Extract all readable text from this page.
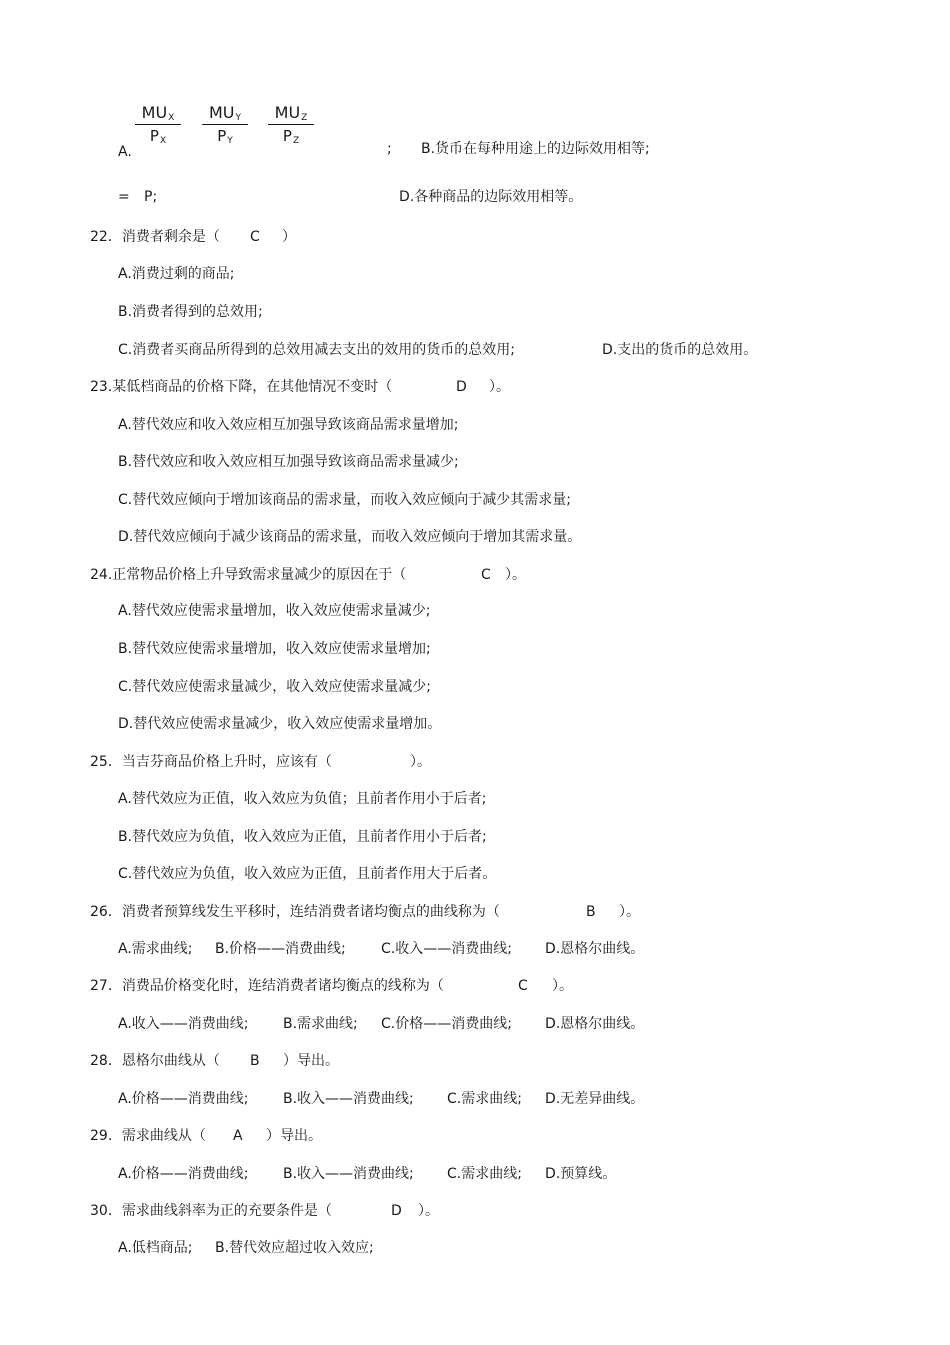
$MU_X$
$P_X$
$MU_Y$
$P_Y$
$MU_Z$
$P_Z$
A.	; B.货币在每种用途上的边际效用相等;
= P;	D.各种商品的边际效用相等。
22．消费者剩余是（ C ）
A.消费过剩的商品;
B.消费者得到的总效用;
C.消费者买商品所得到的总效用减去支出的效用的货币的总效用;	D.支出的货币的总效用。
23.某低档商品的价格下降，在其他情况不变时（	D ）。
A.替代效应和收入效应相互加强导致该商品需求量增加;
B.替代效应和收入效应相互加强导致该商品需求量减少;
C.替代效应倾向于增加该商品的需求量，而收入效应倾向于减少其需求量;
D.替代效应倾向于减少该商品的需求量，而收入效应倾向于增加其需求量。
24.正常物品价格上升导致需求量减少的原因在于（	C ）。
A.替代效应使需求量增加，收入效应使需求量减少;
B.替代效应使需求量增加，收入效应使需求量增加;
C.替代效应使需求量减少，收入效应使需求量减少;
D.替代效应使需求量减少，收入效应使需求量增加。
25．当吉芬商品价格上升时，应该有（	）。
A.替代效应为正值，收入效应为负值；且前者作用小于后者;
B.替代效应为负值，收入效应为正值，且前者作用小于后者;
C.替代效应为负值，收入效应为正值，且前者作用大于后者。
26．消费者预算线发生平移时，连结消费者诸均衡点的曲线称为（	B ）。
A.需求曲线; B.价格——消费曲线;	C.收入——消费曲线; D.恩格尔曲线。
27．消费品价格变化时，连结消费者诸均衡点的线称为（	C ）。
A.收入——消费曲线; B.需求曲线; C.价格——消费曲线; D.恩格尔曲线。
28．恩格尔曲线从（ B ）导出。
A.价格——消费曲线; B.收入——消费曲线; C.需求曲线; D.无差异曲线。
29．需求曲线从（ A ）导出。
A.价格——消费曲线; B.收入——消费曲线; C.需求曲线; D.预算线。
30．需求曲线斜率为正的充要条件是（	D ）。
A.低档商品; B.替代效应超过收入效应;
